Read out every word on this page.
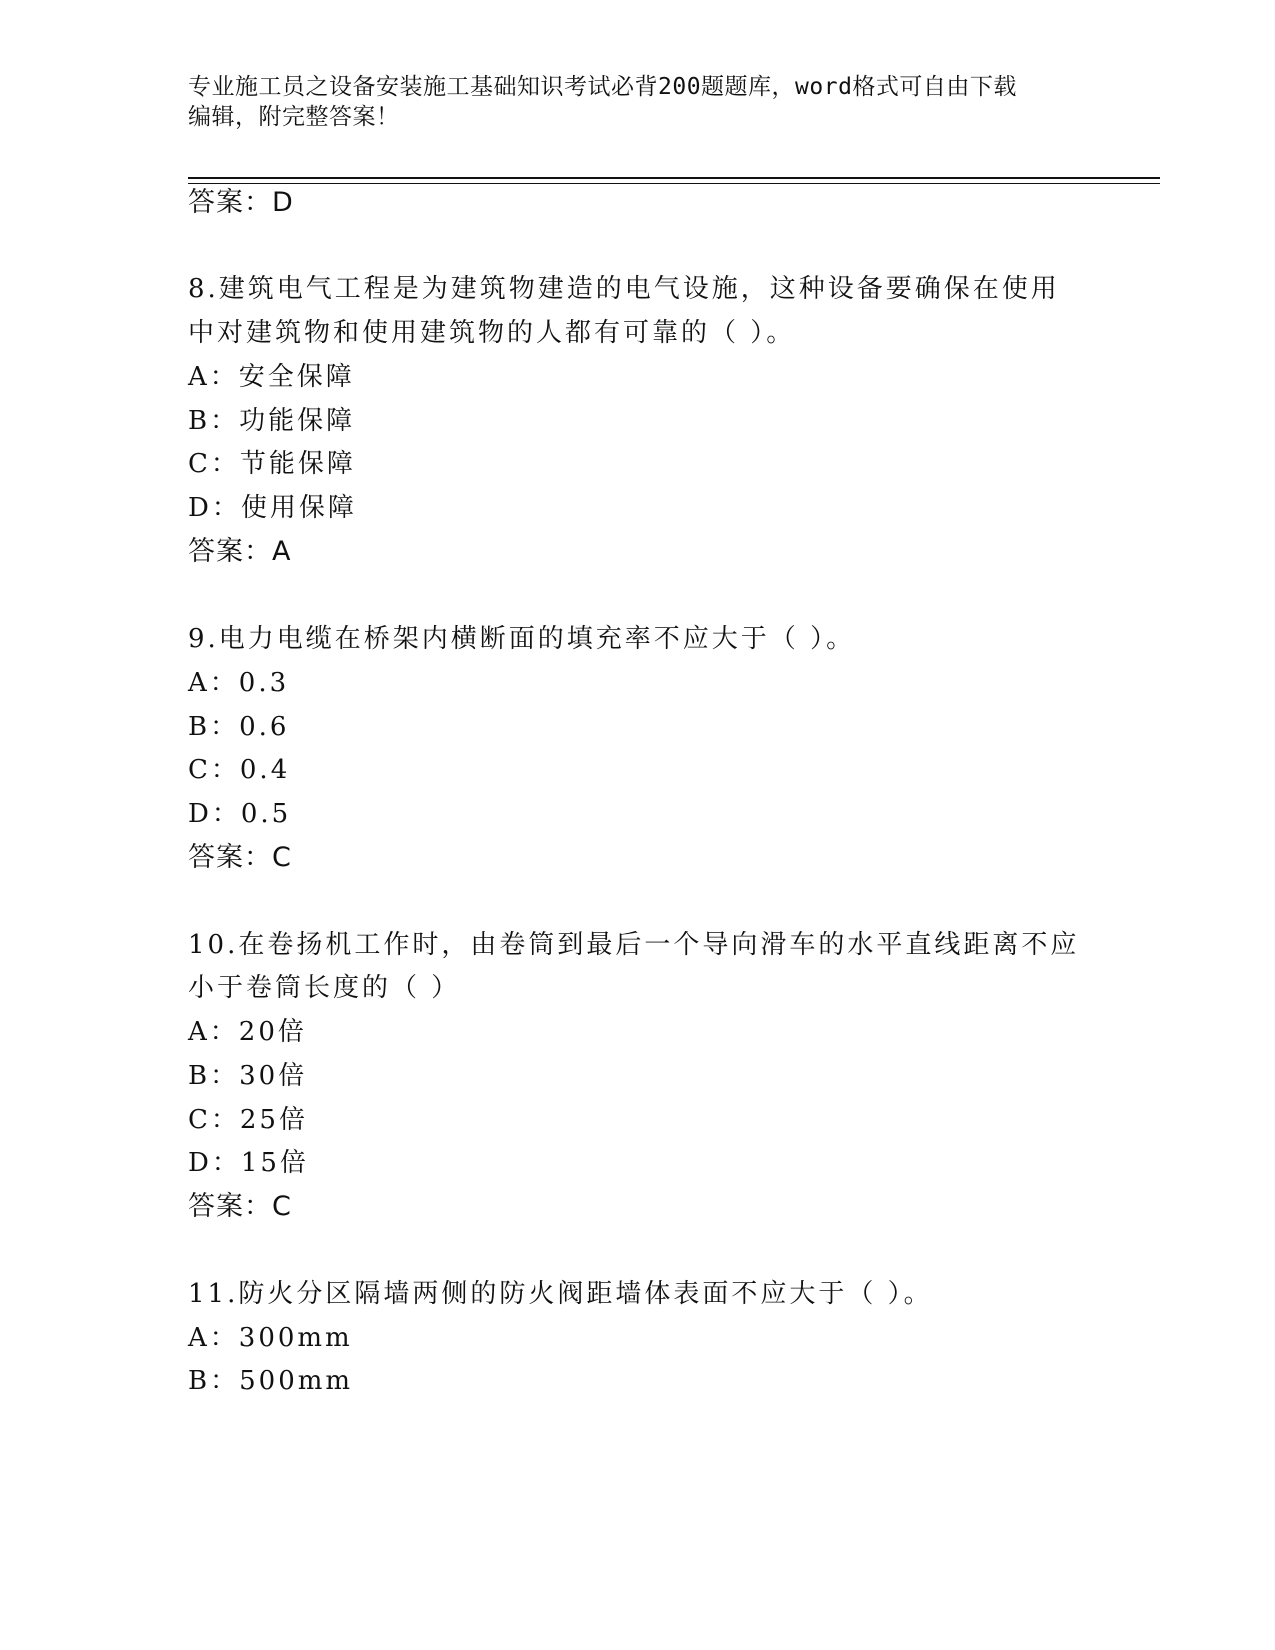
专业施工员之设备安装施工基础知识考试必背200题题库，word格式可自由下载
编辑，附完整答案！
答案：D
8.建筑电气工程是为建筑物建造的电气设施，这种设备要确保在使用
中对建筑物和使用建筑物的人都有可靠的（ ）。
A：安全保障
B：功能保障
C：节能保障
D：使用保障
答案：A
9.电力电缆在桥架内横断面的填充率不应大于（ ）。
A：0.3
B：0.6
C：0.4
D：0.5
答案：C
10.在卷扬机工作时，由卷筒到最后一个导向滑车的水平直线距离不应
小于卷筒长度的（ ）
A：20倍
B：30倍
C：25倍
D：15倍
答案：C
11.防火分区隔墙两侧的防火阀距墙体表面不应大于（ ）。
A：300mm
B：500mm
